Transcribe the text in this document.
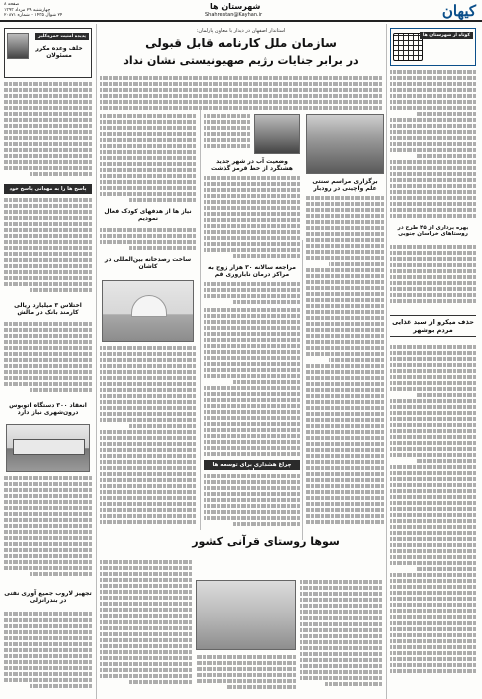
کیهان
شهرستان ها
Shahrestan@Kayhan.ir
صفحه ۸
چهارشنبه ۲۹ مرداد ۱۳۹۳
۲۴ شوال ۱۴۳۵ - شماره ۲۰۸۷۱
کوتاه از شهرستان ها
بهره برداری از ۴۵ طرح در روستاهای خراسان جنوبی
حذف میکرو از سبد غذایی مردم بوشهر
استاندار اصفهان در دیدار با معاون پارلمان:
سازمان ملل کارنامه قابل قبولی
در برابر جنایات رژیم صهیونیستی نشان نداد
برگزاری مراسم سنتی علم واچینی در رودبار
وضعیت آب در شهر جدید هشتگرد از خط قرمز گذشت
مراجعه سالانه ۳۰ هزار زوج به مراکز درمان ناباروری قم
چراغ هشداری برای توسعه ها باید
نیاز ها از هدفهای کودک فعال نمودیم
ساخت رصدخانه بین‌المللی در کاشان
سوها روستای قرآنی کشور
پدیده امنیت حمزه‌کلیر
خلف وعده مکرر مسئولان
پاسخ ها را به مهدانی پاسخ خود
اختلاس ۳ میلیارد ریالی کارمند بانک در مالش
انعقاد ۳۰۰ دستگاه اتوبوس درون‌شهری نیاز دارد
تجهیز لاروب جمیع آوری نفتی در بندرانزلی
